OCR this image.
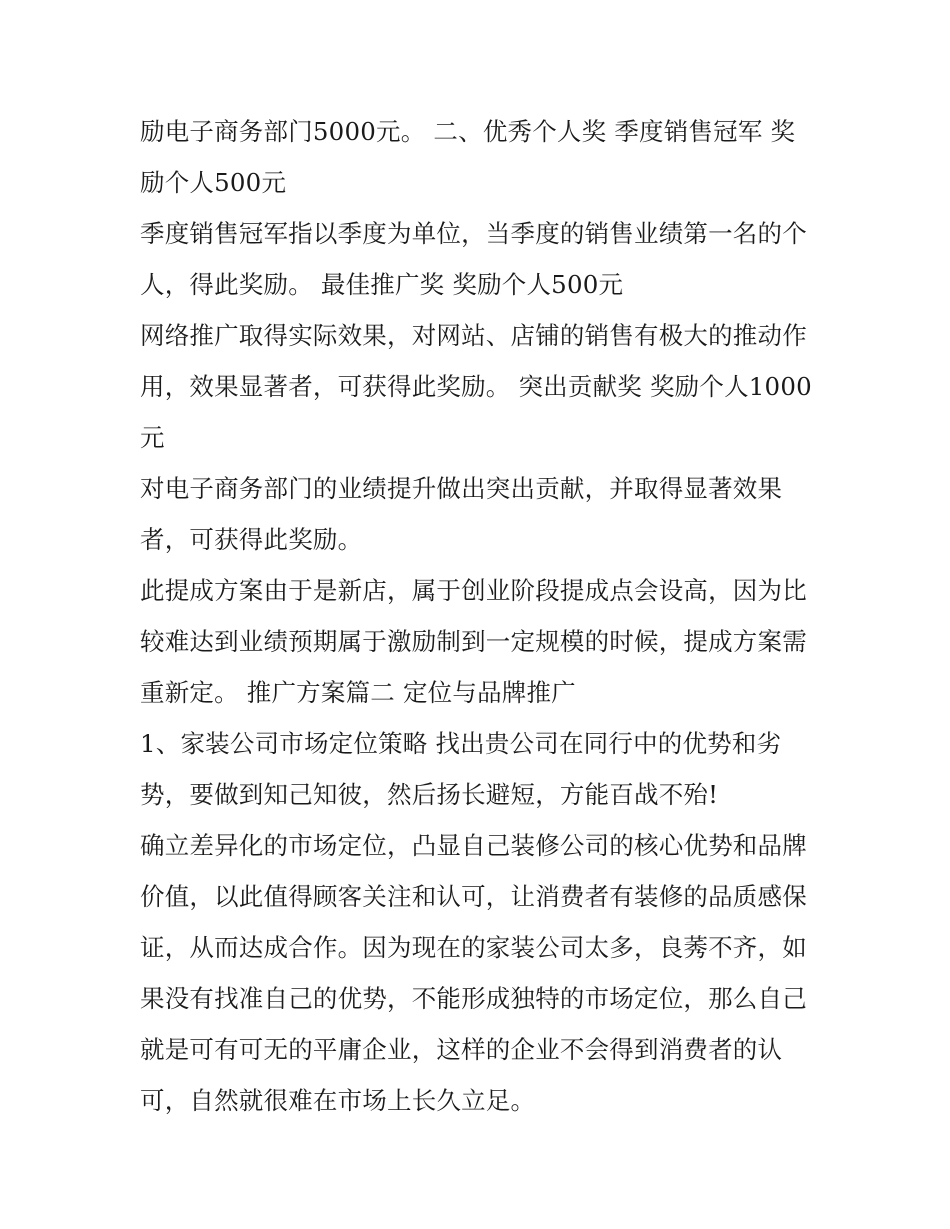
励电子商务部门5000元。 二、优秀个人奖 季度销售冠军 奖
励个人500元
季度销售冠军指以季度为单位，当季度的销售业绩第一名的个
人，得此奖励。 最佳推广奖 奖励个人500元
网络推广取得实际效果，对网站、店铺的销售有极大的推动作
用，效果显著者，可获得此奖励。 突出贡献奖 奖励个人1000
元
对电子商务部门的业绩提升做出突出贡献，并取得显著效果
者，可获得此奖励。
此提成方案由于是新店，属于创业阶段提成点会设高，因为比
较难达到业绩预期属于激励制到一定规模的时候，提成方案需
重新定。 推广方案篇二 定位与品牌推广
1、家装公司市场定位策略 找出贵公司在同行中的优势和劣
势，要做到知己知彼，然后扬长避短，方能百战不殆!
确立差异化的市场定位，凸显自己装修公司的核心优势和品牌
价值，以此值得顾客关注和认可，让消费者有装修的品质感保
证，从而达成合作。因为现在的家装公司太多，良莠不齐，如
果没有找准自己的优势，不能形成独特的市场定位，那么自己
就是可有可无的平庸企业，这样的企业不会得到消费者的认
可，自然就很难在市场上长久立足。
